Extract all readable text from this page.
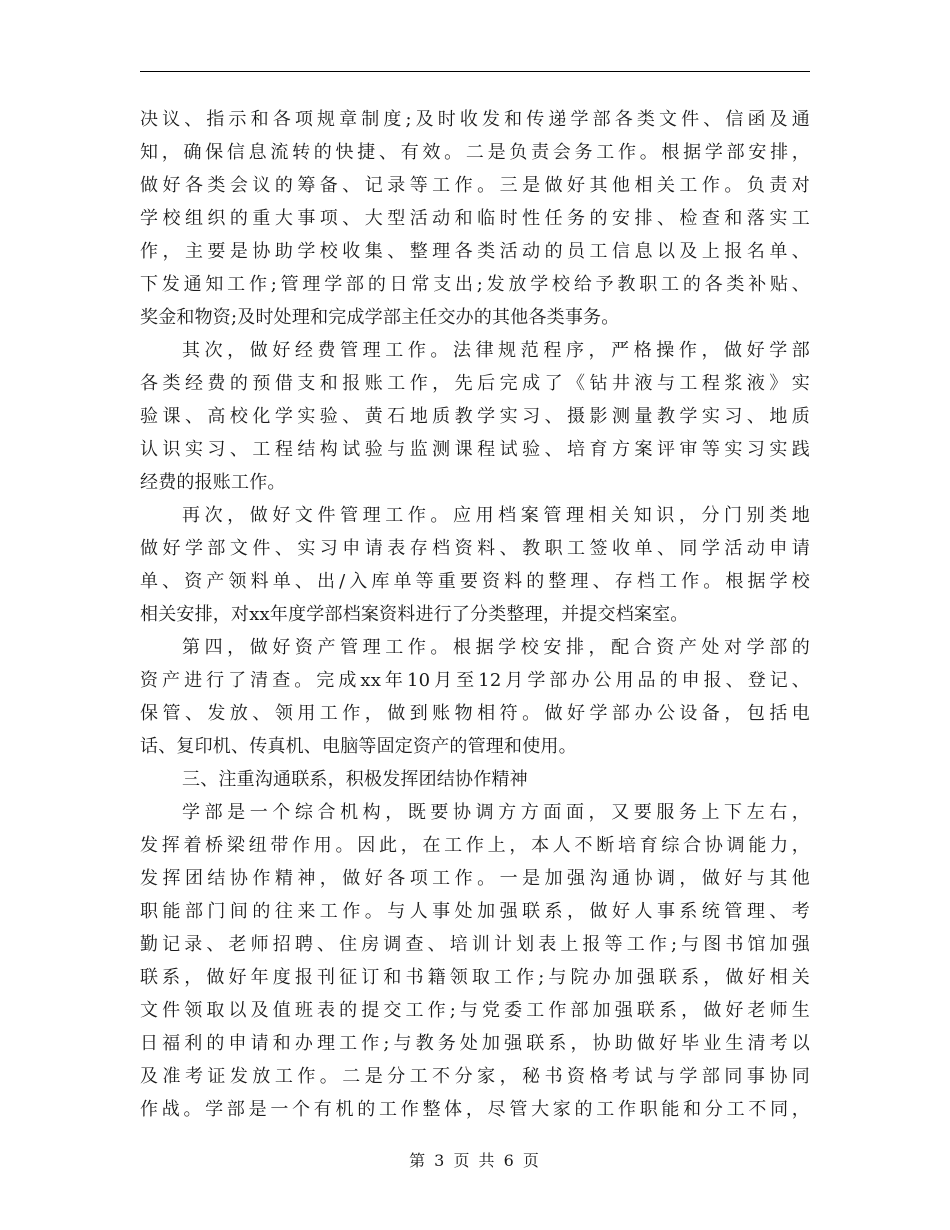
决议、指示和各项规章制度;及时收发和传递学部各类文件、信函及通
知，确保信息流转的快捷、有效。二是负责会务工作。根据学部安排，
做好各类会议的筹备、记录等工作。三是做好其他相关工作。负责对
学校组织的重大事项、大型活动和临时性任务的安排、检查和落实工
作，主要是协助学校收集、整理各类活动的员工信息以及上报名单、
下发通知工作;管理学部的日常支出;发放学校给予教职工的各类补贴、
奖金和物资;及时处理和完成学部主任交办的其他各类事务。
其次，做好经费管理工作。法律规范程序，严格操作，做好学部
各类经费的预借支和报账工作，先后完成了《钻井液与工程浆液》实
验课、高校化学实验、黄石地质教学实习、摄影测量教学实习、地质
认识实习、工程结构试验与监测课程试验、培育方案评审等实习实践
经费的报账工作。
再次，做好文件管理工作。应用档案管理相关知识，分门别类地
做好学部文件、实习申请表存档资料、教职工签收单、同学活动申请
单、资产领料单、出/入库单等重要资料的整理、存档工作。根据学校
相关安排，对xx年度学部档案资料进行了分类整理，并提交档案室。
第四，做好资产管理工作。根据学校安排，配合资产处对学部的
资产进行了清查。完成xx年10月至12月学部办公用品的申报、登记、
保管、发放、领用工作，做到账物相符。做好学部办公设备，包括电
话、复印机、传真机、电脑等固定资产的管理和使用。
三、注重沟通联系，积极发挥团结协作精神
学部是一个综合机构，既要协调方方面面，又要服务上下左右，
发挥着桥梁纽带作用。因此，在工作上，本人不断培育综合协调能力，
发挥团结协作精神，做好各项工作。一是加强沟通协调，做好与其他
职能部门间的往来工作。与人事处加强联系，做好人事系统管理、考
勤记录、老师招聘、住房调查、培训计划表上报等工作;与图书馆加强
联系，做好年度报刊征订和书籍领取工作;与院办加强联系，做好相关
文件领取以及值班表的提交工作;与党委工作部加强联系，做好老师生
日福利的申请和办理工作;与教务处加强联系，协助做好毕业生清考以
及准考证发放工作。二是分工不分家，秘书资格考试与学部同事协同
作战。学部是一个有机的工作整体，尽管大家的工作职能和分工不同，
第 3 页 共 6 页
